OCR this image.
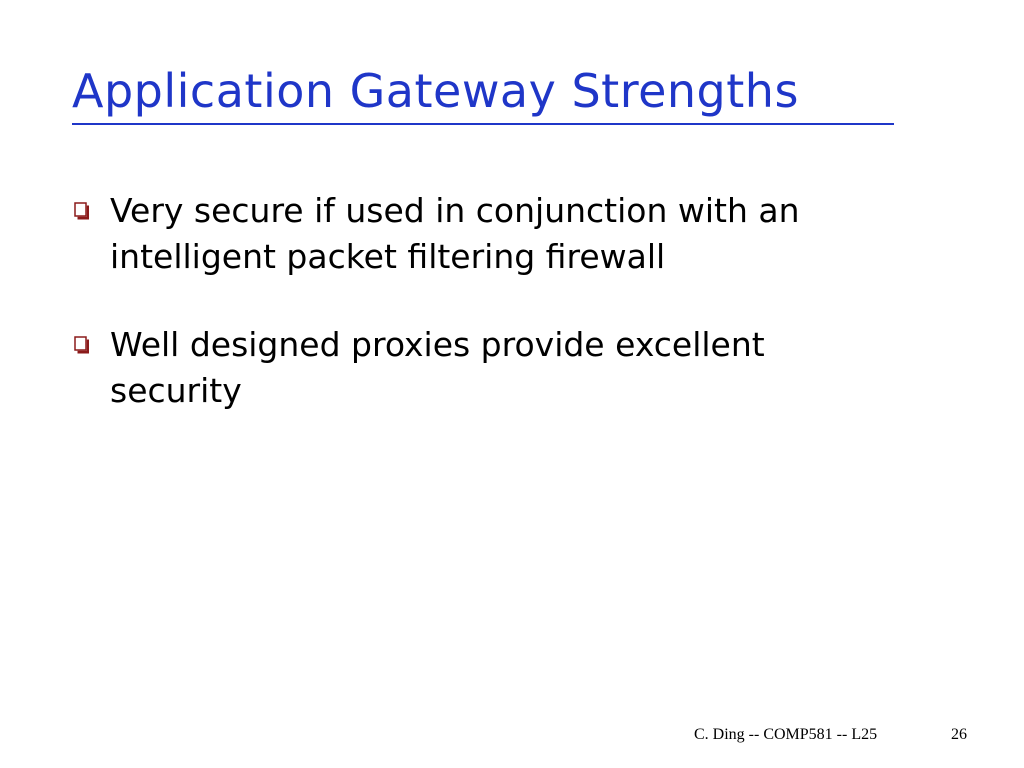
Application Gateway Strengths
Very secure if used in conjunction with an intelligent packet filtering firewall
Well designed proxies provide excellent security
C. Ding -- COMP581 -- L25	26
